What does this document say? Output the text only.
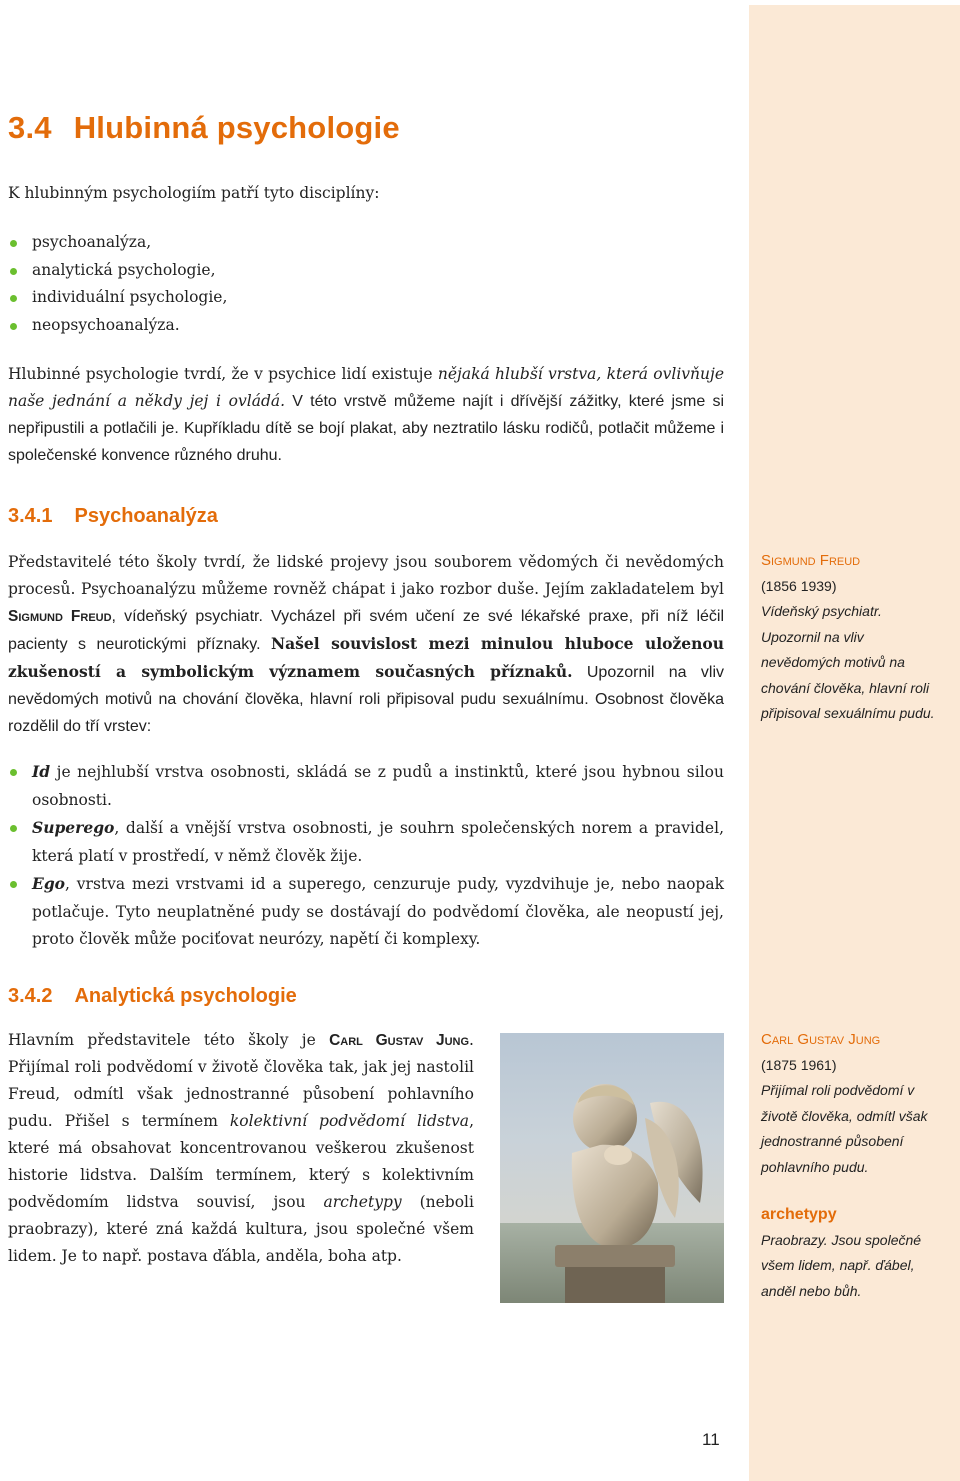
3.4 Hlubinná psychologie

K hlubinným psychologiím patří tyto disciplíny:

psychoanalýza,
analytická psychologie,
individuální psychologie,
neopsychoanalýza.

Hlubinné psychologie tvrdí, že v psychice lidí existuje nějaká hlubší vrstva, která ovlivňuje naše jednání a někdy jej i ovládá. V této vrstvě můžeme najít i dřívější zážitky, které jsme si nepřipustili a potlačili je. Kupříkladu dítě se bojí plakat, aby neztratilo lásku rodičů, potlačit můžeme i společenské konvence různého druhu.

3.4.1 Psychoanalýza

Představitelé této školy tvrdí, že lidské projevy jsou souborem vědomých či nevědomých procesů. Psychoanalýzu můžeme rovněž chápat i jako rozbor duše. Jejím zakladatelem byl Sigmund Freud, vídeňský psychiatr. Vycházel při svém učení ze své lékařské praxe, při níž léčil pacienty s neurotickými příznaky. Našel souvislost mezi minulou hluboce uloženou zkušeností a symbolickým významem současných příznaků. Upozornil na vliv nevědomých motivů na chování člověka, hlavní roli připisoval pudu sexuálnímu. Osobnost člověka rozdělil do tří vrstev:

Id je nejhlubší vrstva osobnosti, skládá se z pudů a instinktů, které jsou hybnou silou osobnosti.
Superego, další a vnější vrstva osobnosti, je souhrn společenských norem a pravidel, která platí v prostředí, v němž člověk žije.
Ego, vrstva mezi vrstvami id a superego, cenzuruje pudy, vyzdvihuje je, nebo naopak potlačuje. Tyto neuplatněné pudy se dostávají do podvědomí člověka, ale neopustí jej, proto člověk může pociťovat neurózy, napětí či komplexy.
3.4.2 Analytická psychologie

Hlavním představitele této školy je Carl Gustav Jung. Přijímal roli podvědomí v životě člověka tak, jak jej nastolil Freud, odmítl však jednostranné působení pohlavního pudu. Přišel s termínem kolektivní podvědomí lidstva, které má obsahovat koncentrovanou veškerou zkušenost historie lidstva. Dalším termínem, který s kolektivním podvědomím lidstva souvisí, jsou archetypy (neboli praobrazy), které zná každá kultura, jsou společné všem lidem. Je to např. postava ďábla, anděla, boha atp.

Sigmund Freud
(1856 1939)
Vídeňský psychiatr. Upozornil na vliv nevědomých motivů na chování člověka, hlavní roli připisoval sexuálnímu pudu.
Carl Gustav Jung
(1875 1961)
Přijímal roli podvědomí v životě člověka, odmítl však jednostranné působení pohlavního pudu.
archetypy
Praobrazy. Jsou společné všem lidem, např. ďábel, anděl nebo bůh.
11
